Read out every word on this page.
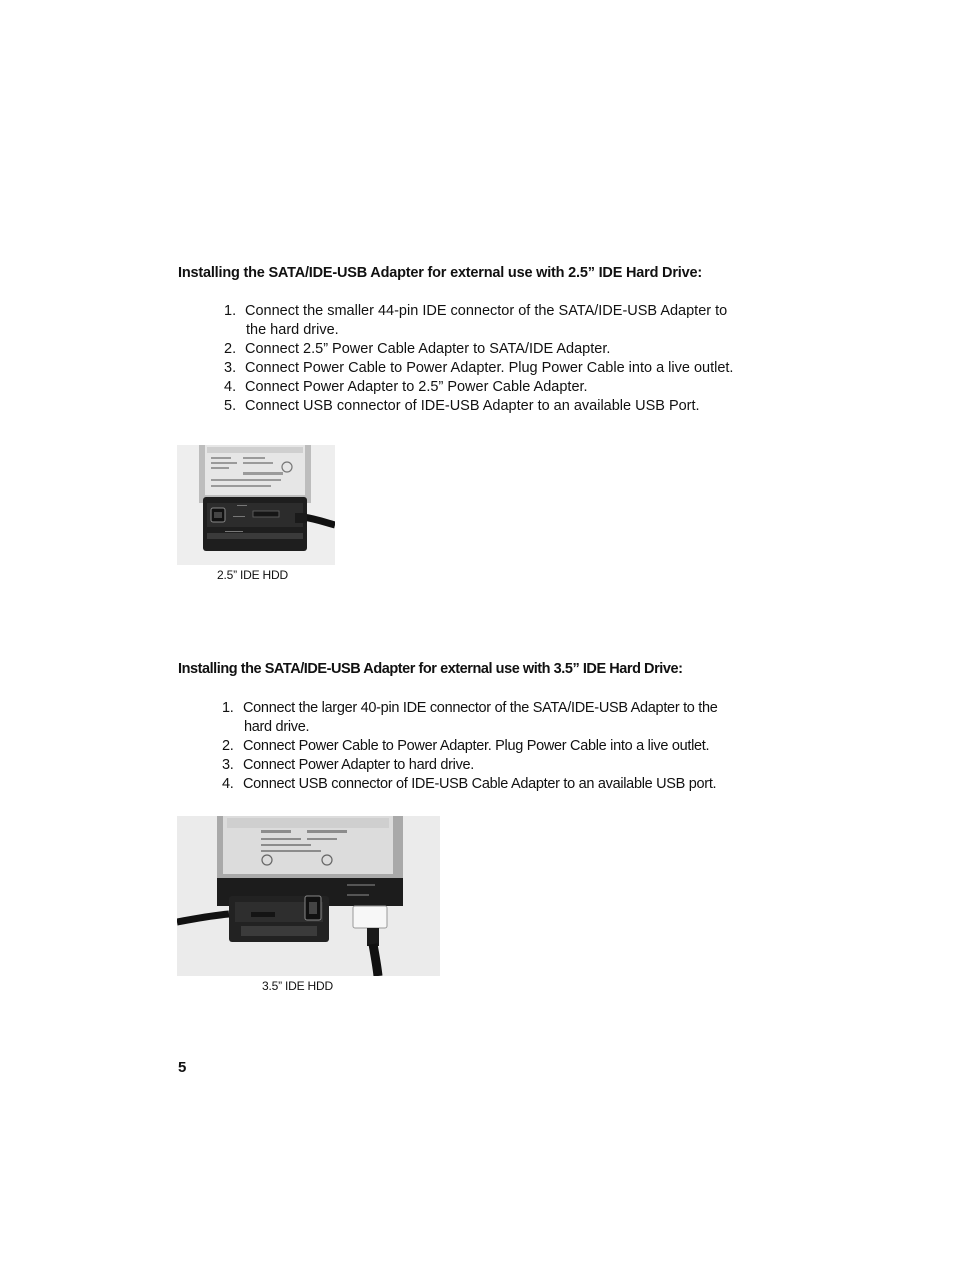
Installing the SATA/IDE-USB Adapter for external use with 2.5” IDE Hard Drive:
1. Connect the smaller 44-pin IDE connector of the SATA/IDE-USB Adapter to the hard drive.
2. Connect 2.5” Power Cable Adapter to SATA/IDE Adapter.
3. Connect Power Cable to Power Adapter. Plug Power Cable into a live outlet.
4. Connect Power Adapter to 2.5” Power Cable Adapter.
5. Connect USB connector of IDE-USB Adapter to an available USB Port.
2.5” IDE HDD
Installing the SATA/IDE-USB Adapter for external use with 3.5” IDE Hard Drive:
1. Connect the larger 40-pin IDE connector of the SATA/IDE-USB Adapter to the hard drive.
2. Connect Power Cable to Power Adapter. Plug Power Cable into a live outlet.
3. Connect Power Adapter to hard drive.
4. Connect USB connector of IDE-USB Cable Adapter to an available USB port.
3.5” IDE HDD
5
